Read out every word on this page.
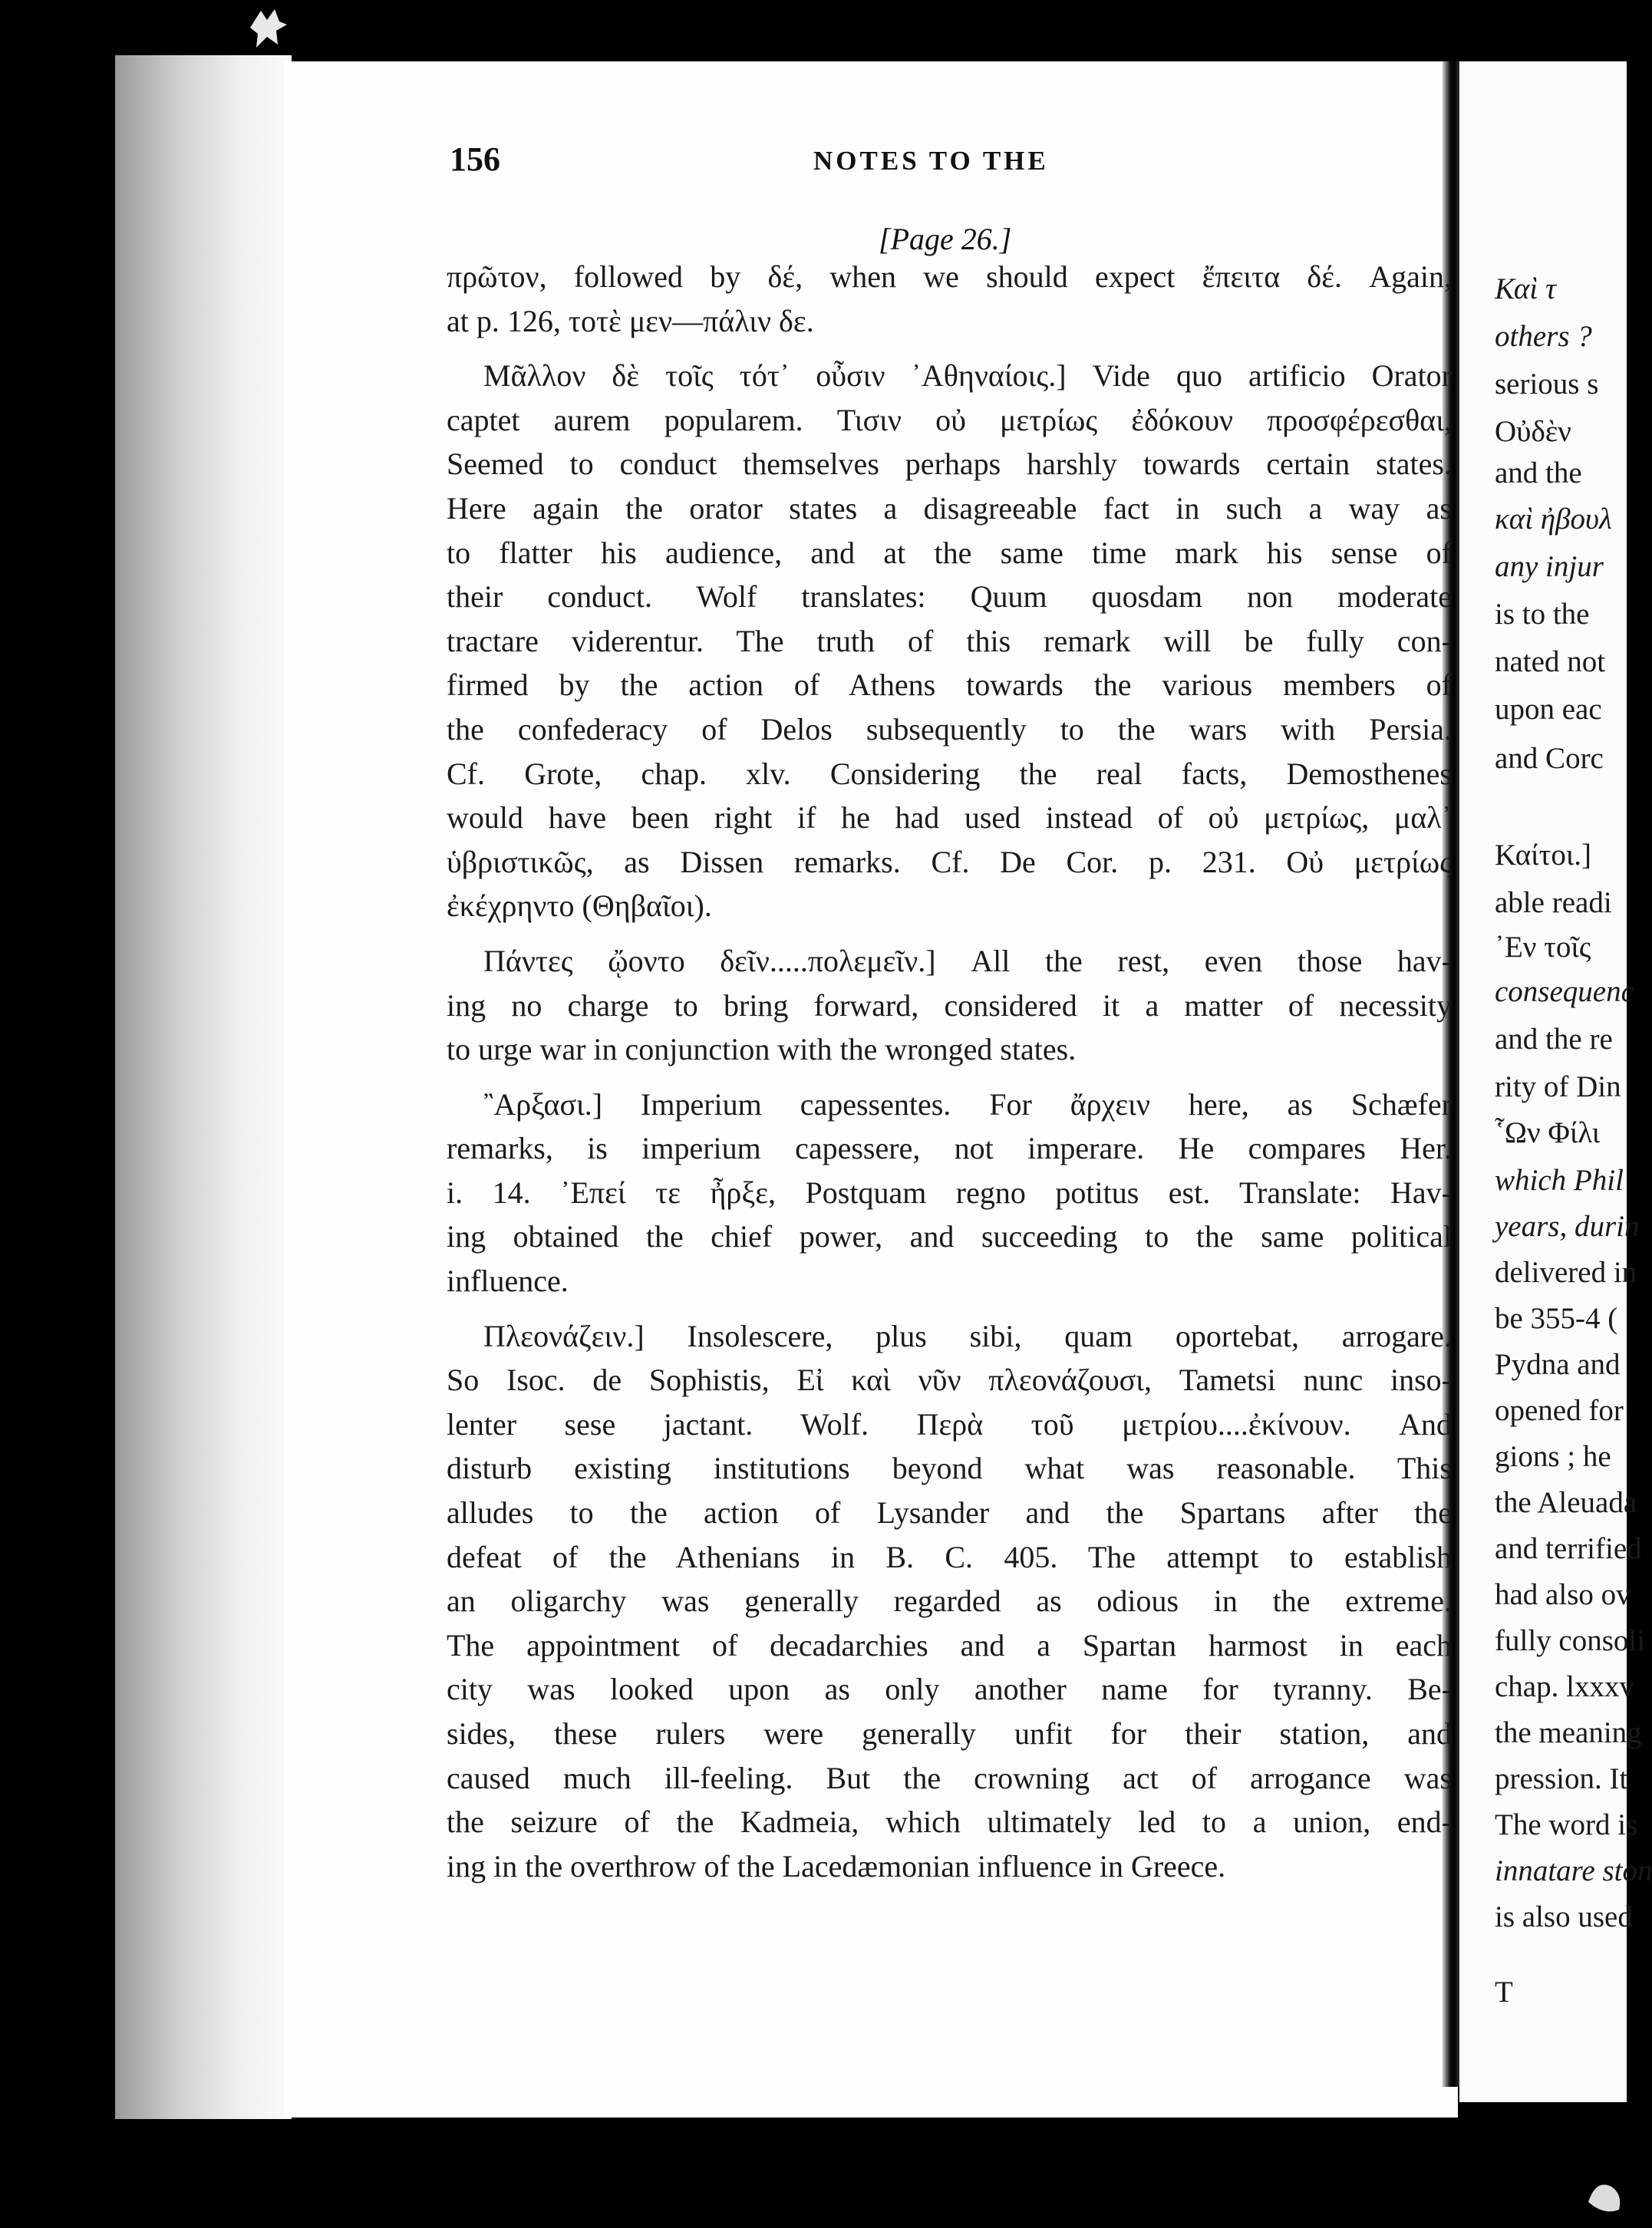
156	NOTES TO THE
[Page 26.]
πρῶτον, followed by δέ, when we should expect ἔπειτα δέ. Again,
at p. 126, τοτὲ μεν—πάλιν δε.
Μᾶλλον δὲ τοῖς τότ᾽ οὖσιν ᾽Αθηναίοις.] Vide quo artificio Orator
captet aurem popularem. Τισιν οὐ μετρίως ἐδόκουν προσφέρεσθαι,
Seemed to conduct themselves perhaps harshly towards certain states.
Here again the orator states a disagreeable fact in such a way as
to flatter his audience, and at the same time mark his sense of
their conduct. Wolf translates: Quum quosdam non moderate
tractare viderentur. The truth of this remark will be fully con-
firmed by the action of Athens towards the various members of
the confederacy of Delos subsequently to the wars with Persia.
Cf. Grote, chap. xlv. Considering the real facts, Demosthenes
would have been right if he had used instead of οὐ μετρίως, μαλ᾽
ὑβριστικῶς, as Dissen remarks. Cf. De Cor. p. 231. Οὐ μετρίως
ἐκέχρηντο (Θηβαῖοι).
Πάντες ᾤοντο δεῖν.....πολεμεῖν.] All the rest, even those hav-
ing no charge to bring forward, considered it a matter of necessity
to urge war in conjunction with the wronged states.
῍Αρξασι.] Imperium capessentes. For ἄρχειν here, as Schæfer
remarks, is imperium capessere, not imperare. He compares Her.
i. 14. ᾽Επεί τε ἦρξε, Postquam regno potitus est. Translate: Hav-
ing obtained the chief power, and succeeding to the same political
influence.
Πλεονάζειν.] Insolescere, plus sibi, quam oportebat, arrogare.
So Isoc. de Sophistis, Εἰ καὶ νῦν πλεονάζουσι, Tametsi nunc inso-
lenter sese jactant. Wolf. Περὰ τοῦ μετρίου....ἐκίνουν. And
disturb existing institutions beyond what was reasonable. This
alludes to the action of Lysander and the Spartans after the
defeat of the Athenians in B. C. 405. The attempt to establish
an oligarchy was generally regarded as odious in the extreme.
The appointment of decadarchies and a Spartan harmost in each
city was looked upon as only another name for tyranny. Be-
sides, these rulers were generally unfit for their station, and
caused much ill-feeling. But the crowning act of arrogance was
the seizure of the Kadmeia, which ultimately led to a union, end-
ing in the overthrow of the Lacedæmonian influence in Greece.
Καὶ τ
others ?
serious s
Οὐδὲν
and the
καὶ ἠβουλ
any injur
is to the
nated not
upon eac
and Corc
Καίτοι.]
able readi
᾽Εν τοῖς
consequenc
and the re
rity of Din
῟Ων Φίλι
which Phil
years, durin
delivered in
be 355-4 (
Pydna and
opened for
gions ; he
the Aleuada
and terrified
had also ov
fully consoli
chap. lxxxv
the meaning
pression. It
The word is
innatare ston
is also used
T
